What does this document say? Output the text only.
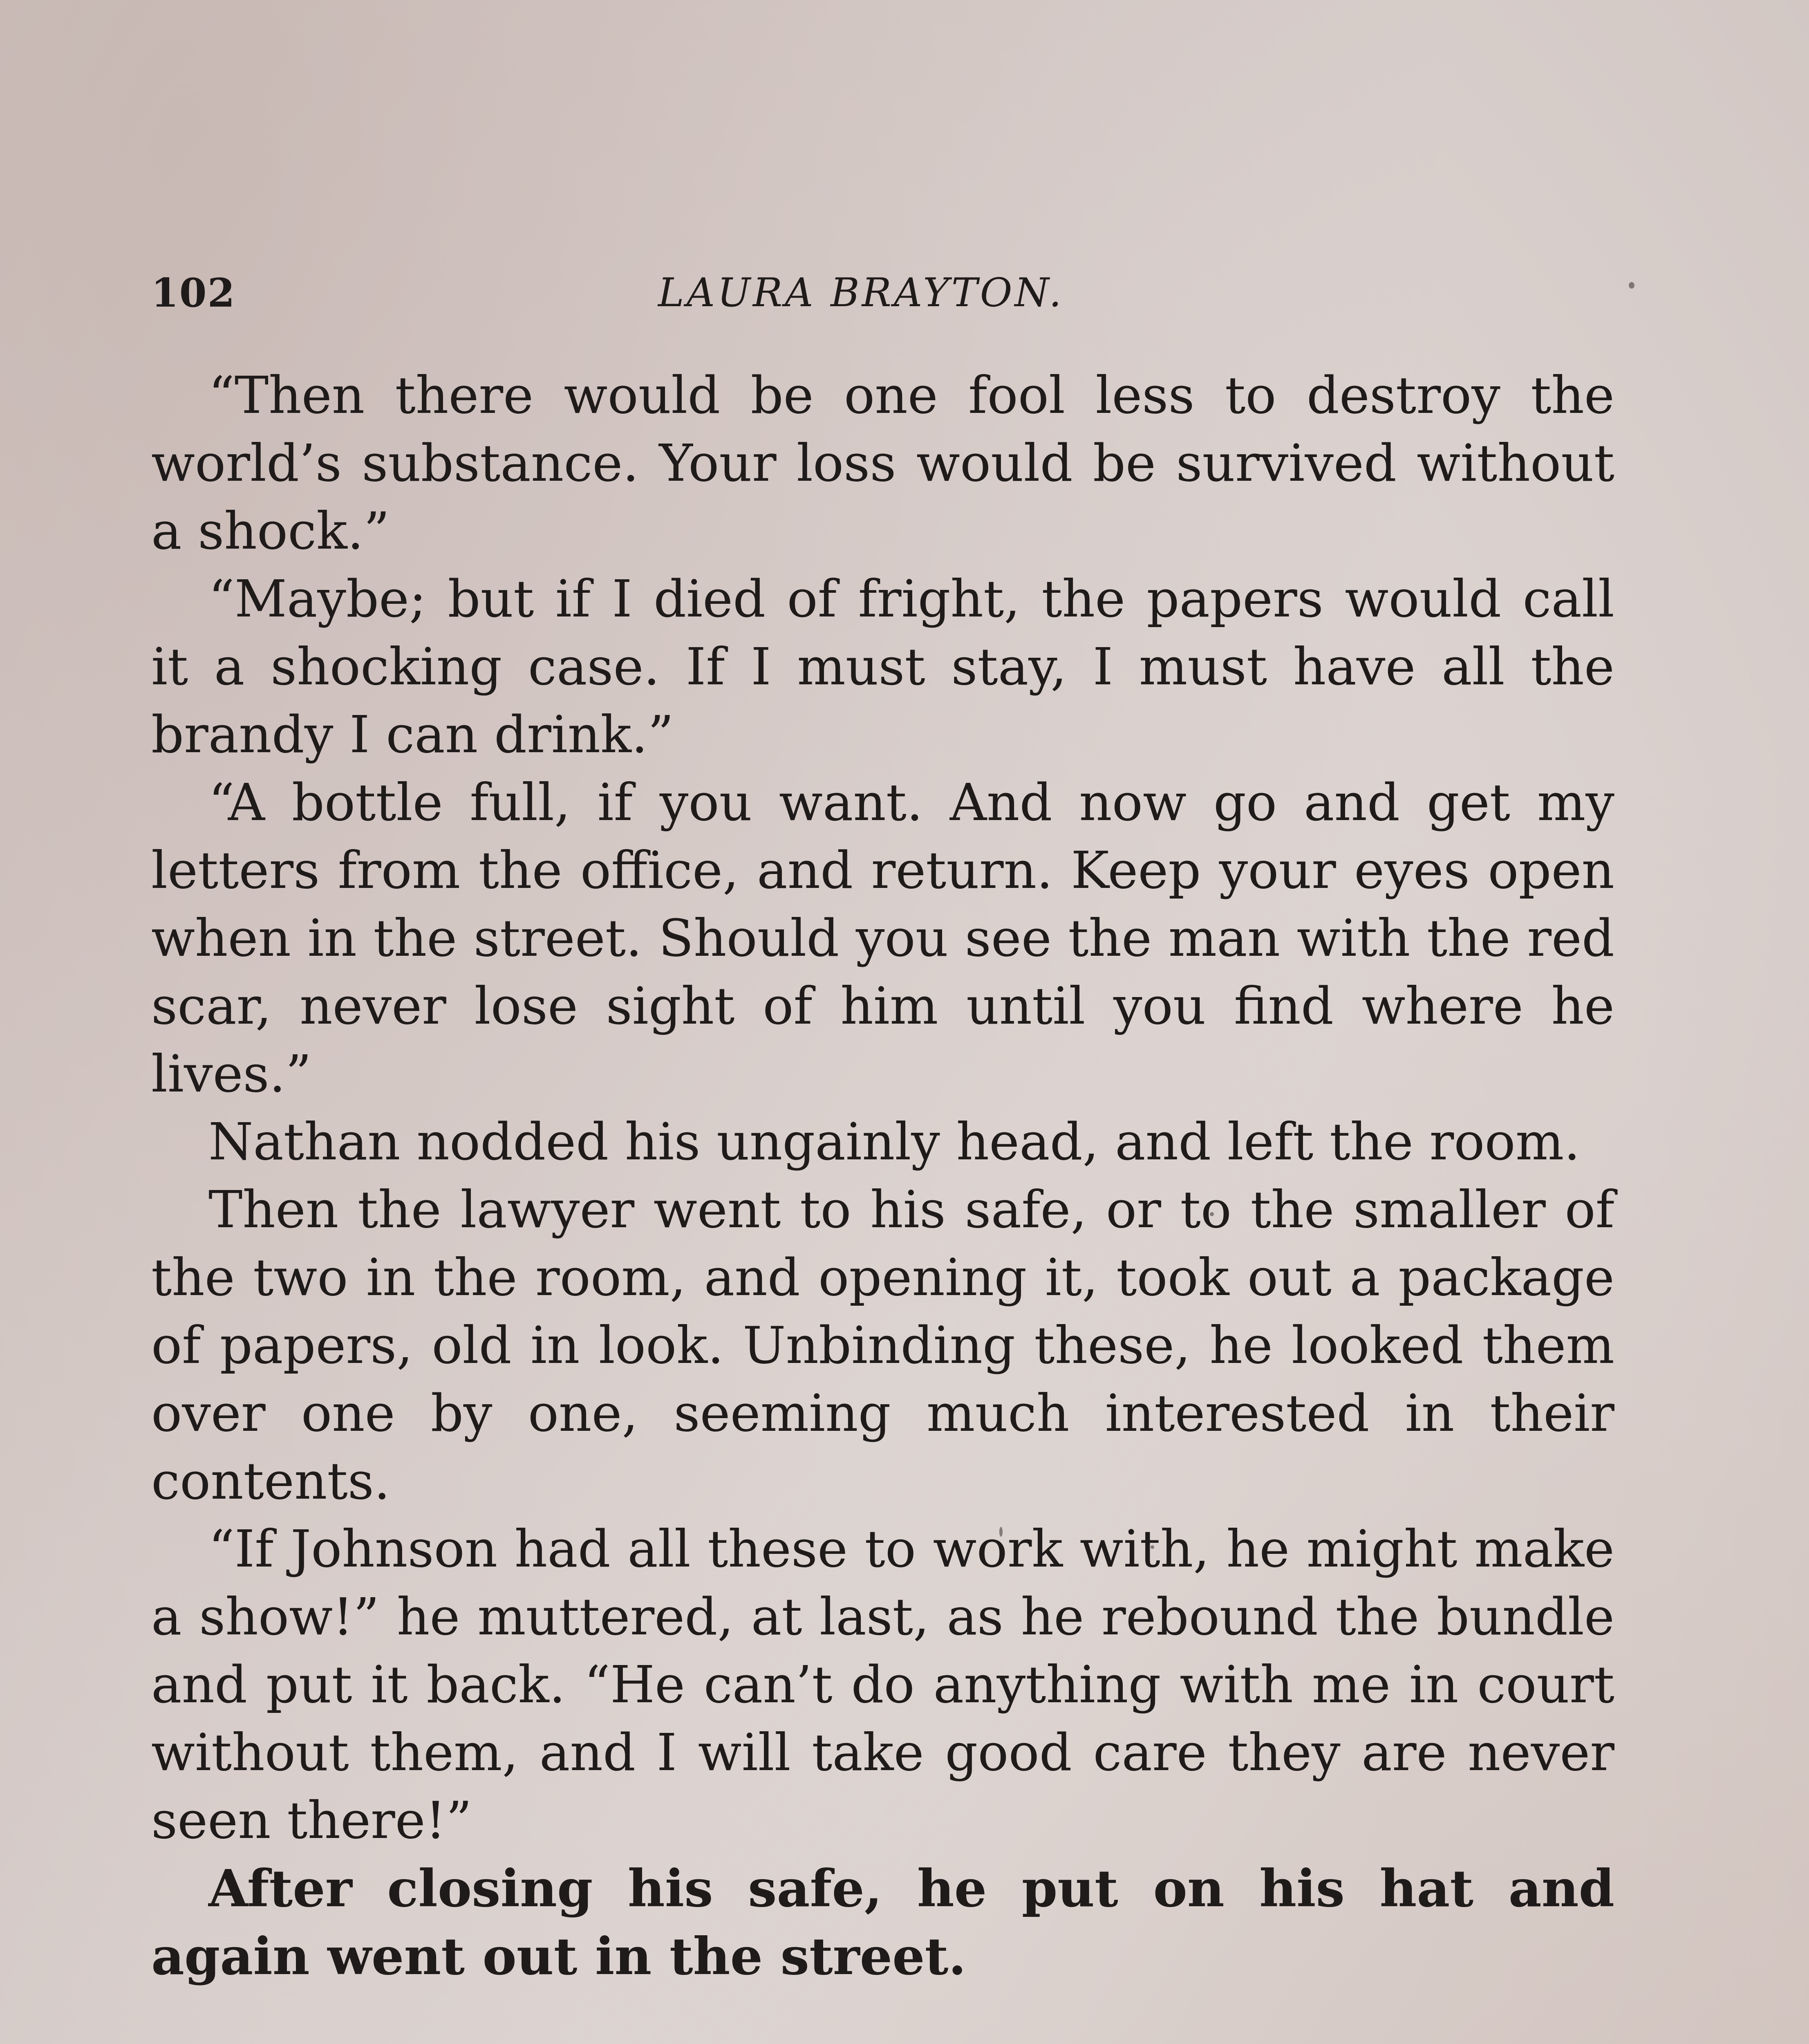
102	LAURA BRAYTON.

“Then there would be one fool less to destroy the world’s substance. Your loss would be survived without a shock.”

“Maybe; but if I died of fright, the papers would call it a shocking case. If I must stay, I must have all the brandy I can drink.”

“A bottle full, if you want. And now go and get my letters from the office, and return. Keep your eyes open when in the street. Should you see the man with the red scar, never lose sight of him until you find where he lives.”

Nathan nodded his ungainly head, and left the room.

Then the lawyer went to his safe, or to the smaller of the two in the room, and opening it, took out a package of papers, old in look. Unbinding these, he looked them over one by one, seeming much interested in their contents.

“If Johnson had all these to work with, he might make a show!” he muttered, at last, as he rebound the bundle and put it back. “He can’t do anything with me in court without them, and I will take good care they are never seen there!”

After closing his safe, he put on his hat and again went out in the street.
